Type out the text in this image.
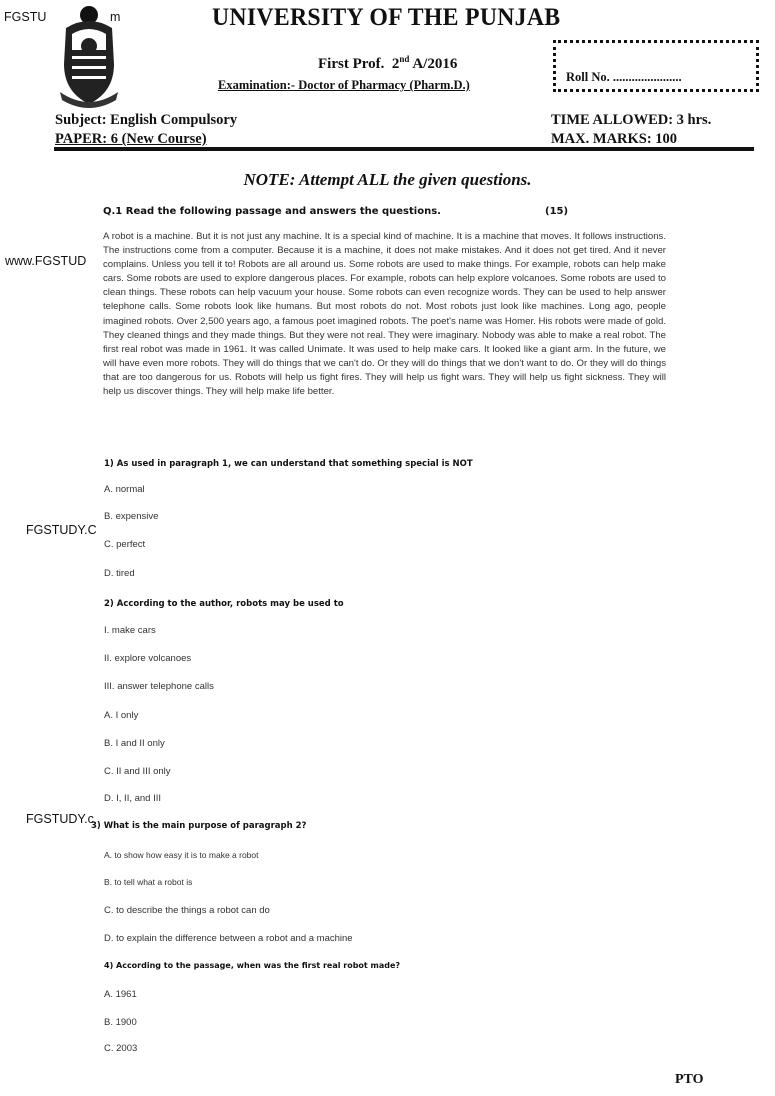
FGSTU	m
www.FGSTUD
FGSTUDY.C
FGSTUDY.c
UNIVERSITY OF THE PUNJAB
First Prof. 2nd A/2016
Examination:- Doctor of Pharmacy (Pharm.D.)
Roll No. ......................
Subject: English Compulsory
PAPER: 6 (New Course)
TIME ALLOWED: 3 hrs.
MAX. MARKS: 100
NOTE: Attempt ALL the given questions.
Q.1 Read the following passage and answers the questions.	(15)
A robot is a machine. But it is not just any machine. It is a special kind of machine. It is a machine that moves. It follows instructions. The instructions come from a computer. Because it is a machine, it does not make mistakes. And it does not get tired. And it never complains. Unless you tell it to! Robots are all around us. Some robots are used to make things. For example, robots can help make cars. Some robots are used to explore dangerous places. For example, robots can help explore volcanoes. Some robots are used to clean things. These robots can help vacuum your house. Some robots can even recognize words. They can be used to help answer telephone calls. Some robots look like humans. But most robots do not. Most robots just look like machines. Long ago, people imagined robots. Over 2,500 years ago, a famous poet imagined robots. The poet's name was Homer. His robots were made of gold. They cleaned things and they made things. But they were not real. They were imaginary. Nobody was able to make a real robot. The first real robot was made in 1961. It was called Unimate. It was used to help make cars. It looked like a giant arm. In the future, we will have even more robots. They will do things that we can't do. Or they will do things that we don't want to do. Or they will do things that are too dangerous for us. Robots will help us fight fires. They will help us fight wars. They will help us fight sickness. They will help us discover things. They will help make life better.
1) As used in paragraph 1, we can understand that something special is NOT
A. normal
B. expensive
C. perfect
D. tired
2) According to the author, robots may be used to
I. make cars
II. explore volcanoes
III. answer telephone calls
A. I only
B. I and II only
C. II and III only
D. I, II, and III
3) What is the main purpose of paragraph 2?
A. to show how easy it is to make a robot
B. to tell what a robot is
C. to describe the things a robot can do
D. to explain the difference between a robot and a machine
4) According to the passage, when was the first real robot made?
A. 1961
B. 1900
C. 2003
PTO
